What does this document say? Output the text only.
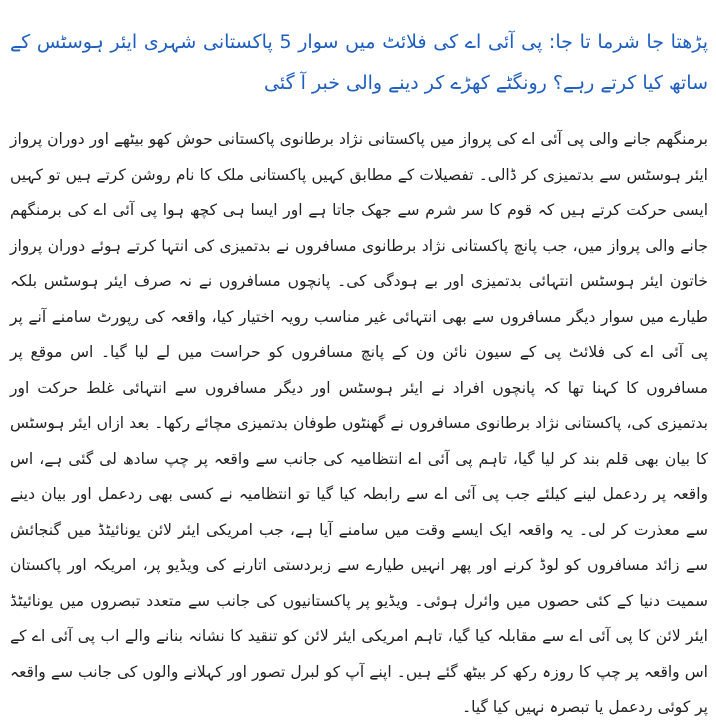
پڑھتا جا شرما تا جا: پی آئی اے کی فلائٹ میں سوار 5 پاکستانی شہری ایئر ہوسٹس کے ساتھ کیا کرتے رہے؟ رونگٹے کھڑے کر دینے والی خبر آ گئی

برمنگھم جانے والی پی آئی اے کی پرواز میں پاکستانی نژاد برطانوی پاکستانی حوش کھو بیٹھے اور دوران پرواز ایئر ہوسٹس سے بدتمیزی کر ڈالی۔ تفصیلات کے مطابق کہیں پاکستانی ملک کا نام روشن کرتے ہیں تو کہیں ایسی حرکت کرتے ہیں کہ قوم کا سر شرم سے جھک جاتا ہے اور ایسا ہی کچھ ہوا پی آئی اے کی برمنگھم جانے والی پرواز میں، جب پانچ پاکستانی نژاد برطانوی مسافروں نے بدتمیزی کی انتہا کرتے ہوئے دوران پرواز خاتون ایئر ہوسٹس انتہائی بدتمیزی اور بے ہودگی کی۔ پانچوں مسافروں نے نہ صرف ایئر ہوسٹس بلکہ طیارے میں سوار دیگر مسافروں سے بھی انتہائی غیر مناسب رویہ اختیار کیا، واقعہ کی رپورٹ سامنے آنے پر پی آئی اے کی فلائٹ پی کے سیون نائن ون کے پانچ مسافروں کو حراست میں لے لیا گیا۔ اس موقع پر مسافروں کا کہنا تھا کہ پانچوں افراد نے ایئر ہوسٹس اور دیگر مسافروں سے انتہائی غلط حرکت اور بدتمیزی کی، پاکستانی نژاد برطانوی مسافروں نے گھنٹوں طوفان بدتمیزی مچائے رکھا۔ بعد ازاں ایئر ہوسٹس کا بیان بھی قلم بند کر لیا گیا، تاہم پی آئی اے انتظامیہ کی جانب سے واقعہ پر چپ سادھ لی گئی ہے، اس واقعہ پر ردعمل لینے کیلئے جب پی آئی اے سے رابطہ کیا گیا تو انتظامیہ نے کسی بھی ردعمل اور بیان دینے سے معذرت کر لی۔ یہ واقعہ ایک ایسے وقت میں سامنے آیا ہے، جب امریکی ایئر لائن یونائیٹڈ میں گنجائش سے زائد مسافروں کو لوڈ کرنے اور پھر انہیں طیارے سے زبردستی اتارنے کی ویڈیو پر، امریکہ اور پاکستان سمیت دنیا کے کئی حصوں میں وائرل ہوئی۔ ویڈیو پر پاکستانیوں کی جانب سے متعدد تبصروں میں یونائیٹڈ ایئر لائن کا پی آئی اے سے مقابلہ کیا گیا، تاہم امریکی ایئر لائن کو تنقید کا نشانہ بنانے والے اب پی آئی اے کے اس واقعہ پر چپ کا روزہ رکھ کر بیٹھ گئے ہیں۔ اپنے آپ کو لبرل تصور اور کہلانے والوں کی جانب سے واقعہ پر کوئی ردعمل یا تبصرہ نہیں کیا گیا۔
